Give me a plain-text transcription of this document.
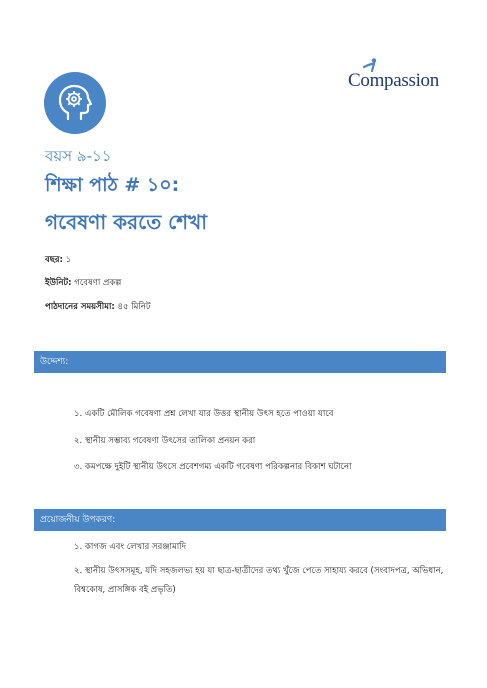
Compassion
বয়স ৯-১১
শিক্ষা পাঠ # ১০:
গবেষণা করতে শেখা
বছর: ১
ইউনিট: গবেষণা প্রকল্প
পাঠদানের সময়সীমা: ৪৫ মিনিট
উদ্দেশ্য:
১. একটি মৌলিক গবেষণা প্রশ্ন লেখা যার উত্তর স্থানীয় উৎস হতে পাওয়া যাবে
২. স্থানীয় সম্ভাব্য গবেষণা উৎসের তালিকা প্রনয়ন করা
৩. কমপক্ষে দুইটি স্থানীয় উৎসে প্রবেশগম্য একটি গবেষণা পরিকল্পনার বিকাশ ঘটানো
প্রয়োজনীয় উপকরণ:
১. কাগজ এবং লেখার সরঞ্জামাদি
২. স্থানীয় উৎসসমূহ, যদি সহজলভ্য হয় যা ছাত্র-ছাত্রীদের তথ্য খুঁজে পেতে সাহায্য করবে (সংবাদপত্র, অভিধান,
বিশ্বকোষ, প্রাসঙ্গিক বই প্রভৃতি)
